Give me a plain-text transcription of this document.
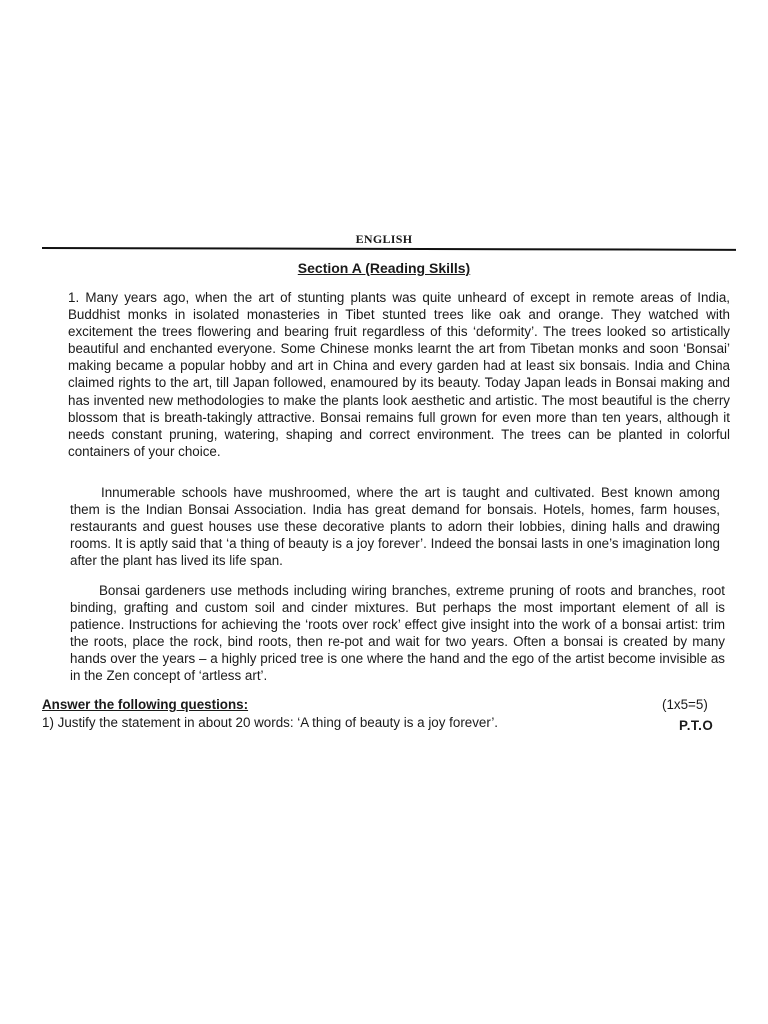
ENGLISH
Section A (Reading Skills)

1. Many years ago, when the art of stunting plants was quite unheard of except in remote areas of India, Buddhist monks in isolated monasteries in Tibet stunted trees like oak and orange. They watched with excitement the trees flowering and bearing fruit regardless of this ‘deformity’. The trees looked so artistically beautiful and enchanted everyone. Some Chinese monks learnt the art from Tibetan monks and soon ‘Bonsai’ making became a popular hobby and art in China and every garden had at least six bonsais. India and China claimed rights to the art, till Japan followed, enamoured by its beauty. Today Japan leads in Bonsai making and has invented new methodologies to make the plants look aesthetic and artistic. The most beautiful is the cherry blossom that is breath-takingly attractive. Bonsai remains full grown for even more than ten years, although it needs constant pruning, watering, shaping and correct environment. The trees can be planted in colorful containers of your choice.

Innumerable schools have mushroomed, where the art is taught and cultivated. Best known among them is the Indian Bonsai Association. India has great demand for bonsais. Hotels, homes, farm houses, restaurants and guest houses use these decorative plants to adorn their lobbies, dining halls and drawing rooms. It is aptly said that ‘a thing of beauty is a joy forever’. Indeed the bonsai lasts in one’s imagination long after the plant has lived its life span.

Bonsai gardeners use methods including wiring branches, extreme pruning of roots and branches, root binding, grafting and custom soil and cinder mixtures. But perhaps the most important element of all is patience. Instructions for achieving the ‘roots over rock’ effect give insight into the work of a bonsai artist: trim the roots, place the rock, bind roots, then re-pot and wait for two years. Often a bonsai is created by many hands over the years – a highly priced tree is one where the hand and the ego of the artist become invisible as in the Zen concept of ‘artless art’.

Answer the following questions:	(1x5=5)
1) Justify the statement in about 20 words: ‘A thing of beauty is a joy forever’.	P.T.O
